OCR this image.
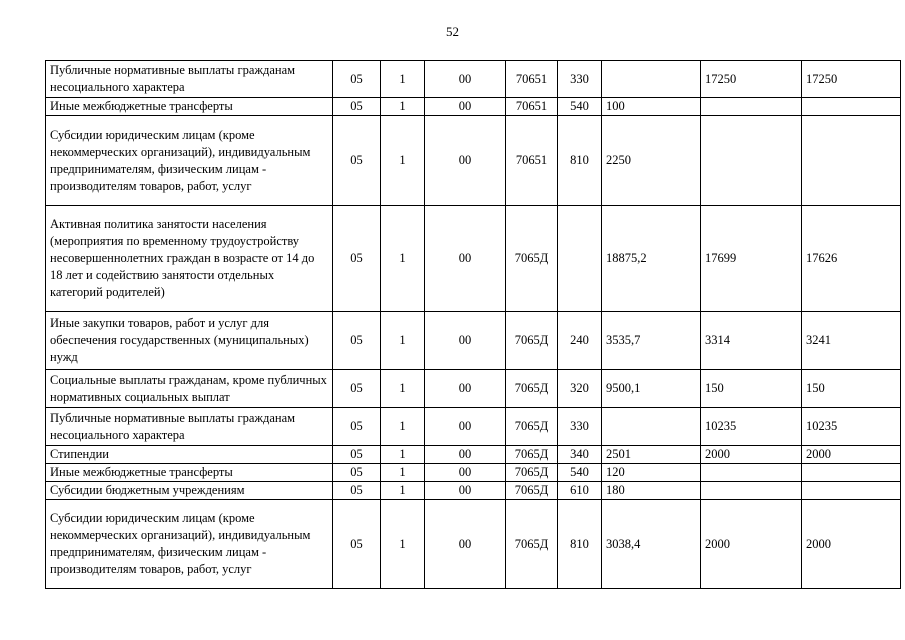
52
Публичные нормативные выплаты гражданам несоциального характера	05	1	00	70651	330		17250	17250
Иные межбюджетные трансферты	05	1	00	70651	540	100		
Субсидии юридическим лицам (кроме некоммерческих организаций), индивидуальным предпринимателям, физическим лицам - производителям товаров, работ, услуг	05	1	00	70651	810	2250		
Активная политика занятости населения (мероприятия по временному трудоустройству несовершеннолетних граждан в возрасте от 14 до 18 лет и содействию занятости отдельных категорий родителей)	05	1	00	7065Д		18875,2	17699	17626
Иные закупки товаров, работ и услуг для обеспечения государственных (муниципальных) нужд	05	1	00	7065Д	240	3535,7	3314	3241
Социальные выплаты гражданам, кроме публичных нормативных социальных выплат	05	1	00	7065Д	320	9500,1	150	150
Публичные нормативные выплаты гражданам несоциального характера	05	1	00	7065Д	330		10235	10235
Стипендии	05	1	00	7065Д	340	2501	2000	2000
Иные межбюджетные трансферты	05	1	00	7065Д	540	120		
Субсидии бюджетным учреждениям	05	1	00	7065Д	610	180		
Субсидии юридическим лицам (кроме некоммерческих организаций), индивидуальным предпринимателям, физическим лицам - производителям товаров, работ, услуг	05	1	00	7065Д	810	3038,4	2000	2000
